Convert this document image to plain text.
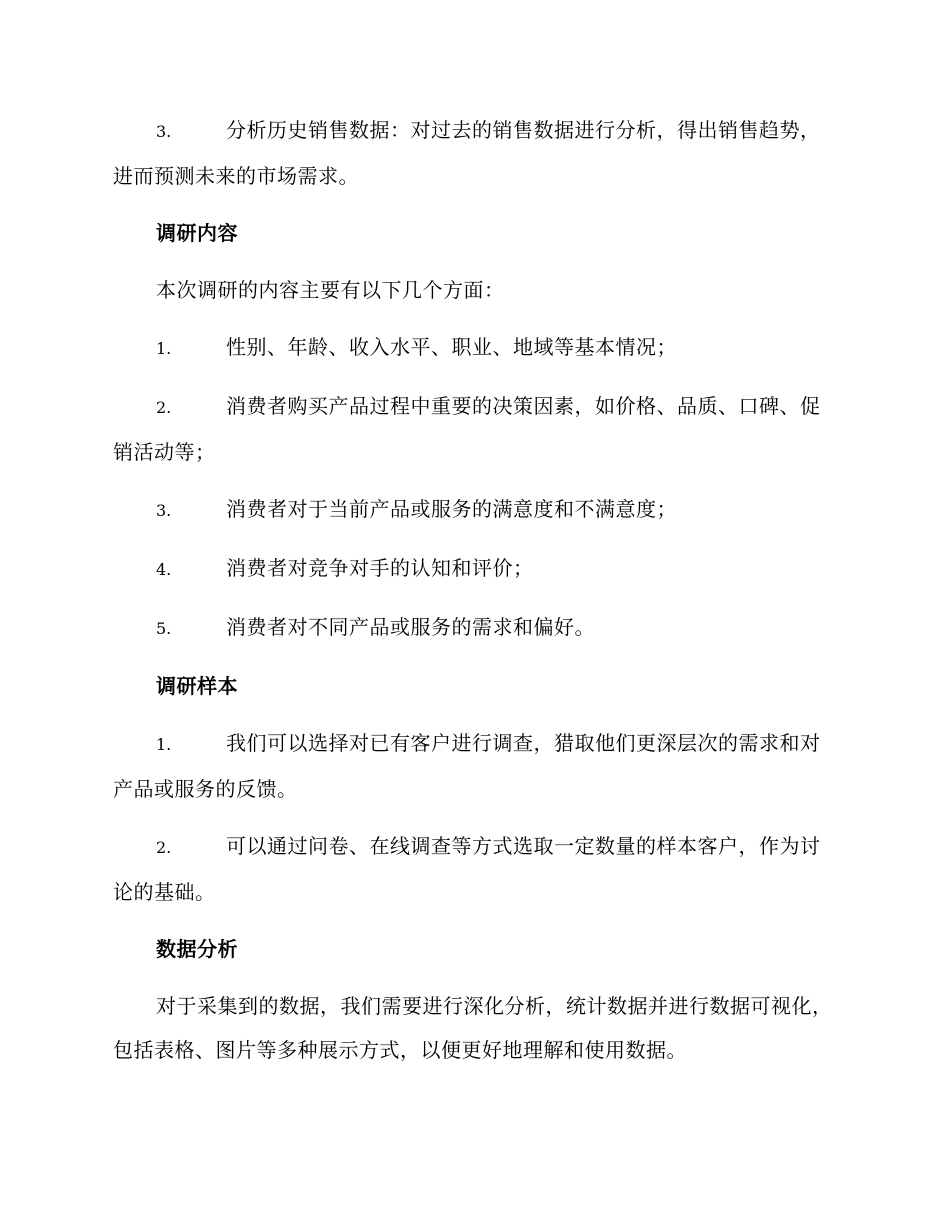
3.	分析历史销售数据：对过去的销售数据进行分析，得出销售趋势，进而预测未来的市场需求。
调研内容
本次调研的内容主要有以下几个方面：
1.	性别、年龄、收入水平、职业、地域等基本情况；
2.	消费者购买产品过程中重要的决策因素，如价格、品质、口碑、促销活动等；
3.	消费者对于当前产品或服务的满意度和不满意度；
4.	消费者对竞争对手的认知和评价；
5.	消费者对不同产品或服务的需求和偏好。
调研样本
1.	我们可以选择对已有客户进行调查，猎取他们更深层次的需求和对产品或服务的反馈。
2.	可以通过问卷、在线调查等方式选取一定数量的样本客户，作为讨论的基础。
数据分析
对于采集到的数据，我们需要进行深化分析，统计数据并进行数据可视化，包括表格、图片等多种展示方式，以便更好地理解和使用数据。
